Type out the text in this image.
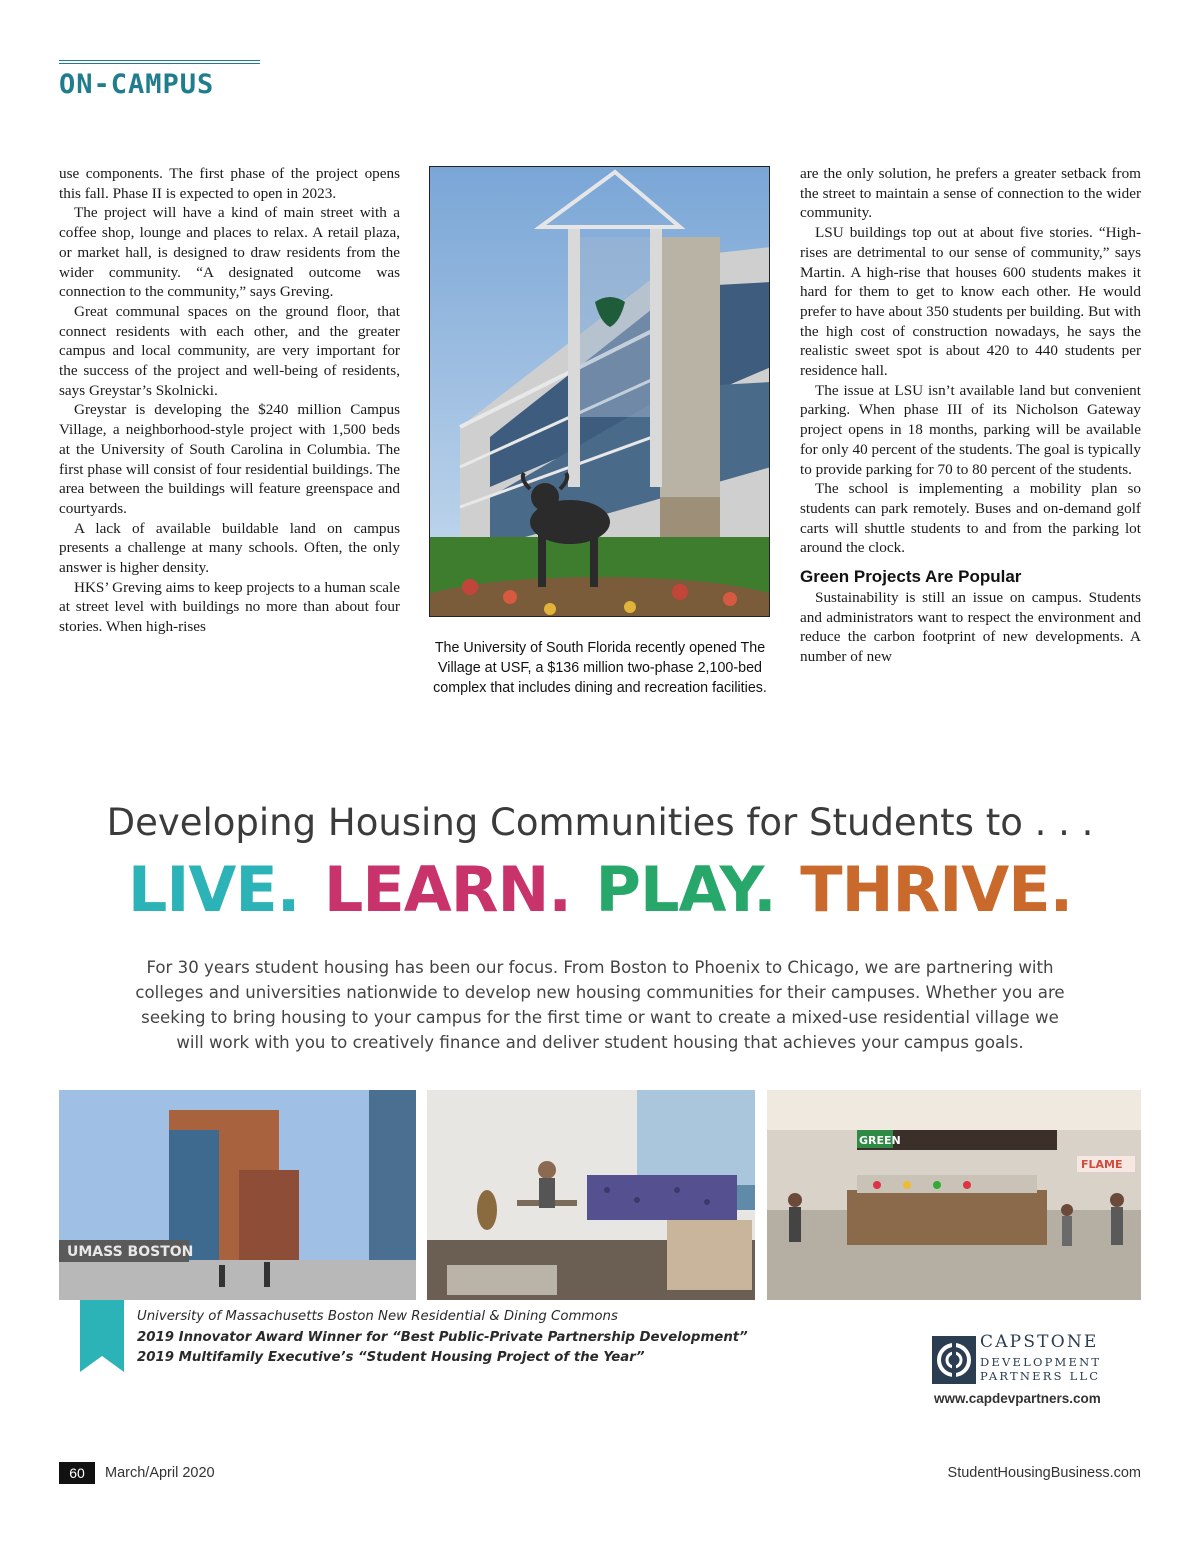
ON-CAMPUS

use components. The first phase of the project opens this fall. Phase II is expected to open in 2023.

The project will have a kind of main street with a coffee shop, lounge and places to relax. A retail plaza, or market hall, is designed to draw residents from the wider community. “A designated outcome was connection to the community,” says Greving.

Great communal spaces on the ground floor, that connect residents with each other, and the greater campus and local community, are very important for the success of the project and well-being of residents, says Greystar’s Skolnicki.

Greystar is developing the $240 million Campus Village, a neighborhood-style project with 1,500 beds at the University of South Carolina in Columbia. The first phase will consist of four residential buildings. The area between the buildings will feature greenspace and courtyards.

A lack of available buildable land on campus presents a challenge at many schools. Often, the only answer is higher density.

HKS’ Greving aims to keep projects to a human scale at street level with buildings no more than about four stories. When high-rises

The University of South Florida recently opened The Village at USF, a $136 million two-phase 2,100-bed complex that includes dining and recreation facilities.

are the only solution, he prefers a greater setback from the street to maintain a sense of connection to the wider community.

LSU buildings top out at about five stories. “High-rises are detrimental to our sense of community,” says Martin. A high-rise that houses 600 students makes it hard for them to get to know each other. He would prefer to have about 350 students per building. But with the high cost of construction nowadays, he says the realistic sweet spot is about 420 to 440 students per residence hall.

The issue at LSU isn’t available land but convenient parking. When phase III of its Nicholson Gateway project opens in 18 months, parking will be available for only 40 percent of the students. The goal is typically to provide parking for 70 to 80 percent of the students.

The school is implementing a mobility plan so students can park remotely. Buses and on-demand golf carts will shuttle students to and from the parking lot around the clock.

Green Projects Are Popular

Sustainability is still an issue on campus. Students and administrators want to respect the environment and reduce the carbon footprint of new developments. A number of new

Developing Housing Communities for Students to . . .
LIVE. LEARN. PLAY. THRIVE.
For 30 years student housing has been our focus. From Boston to Phoenix to Chicago, we are partnering with colleges and universities nationwide to develop new housing communities for their campuses. Whether you are seeking to bring housing to your campus for the first time or want to create a mixed-use residential village we will work with you to creatively finance and deliver student housing that achieves your campus goals.
UMASS BOSTON
GREEN
FLAME
University of Massachusetts Boston New Residential & Dining Commons
2019 Innovator Award Winner for “Best Public-Private Partnership Development”
2019 Multifamily Executive’s “Student Housing Project of the Year”
CAPSTONE
DEVELOPMENT
PARTNERS LLC
www.capdevpartners.com
60	March/April 2020	StudentHousingBusiness.com
